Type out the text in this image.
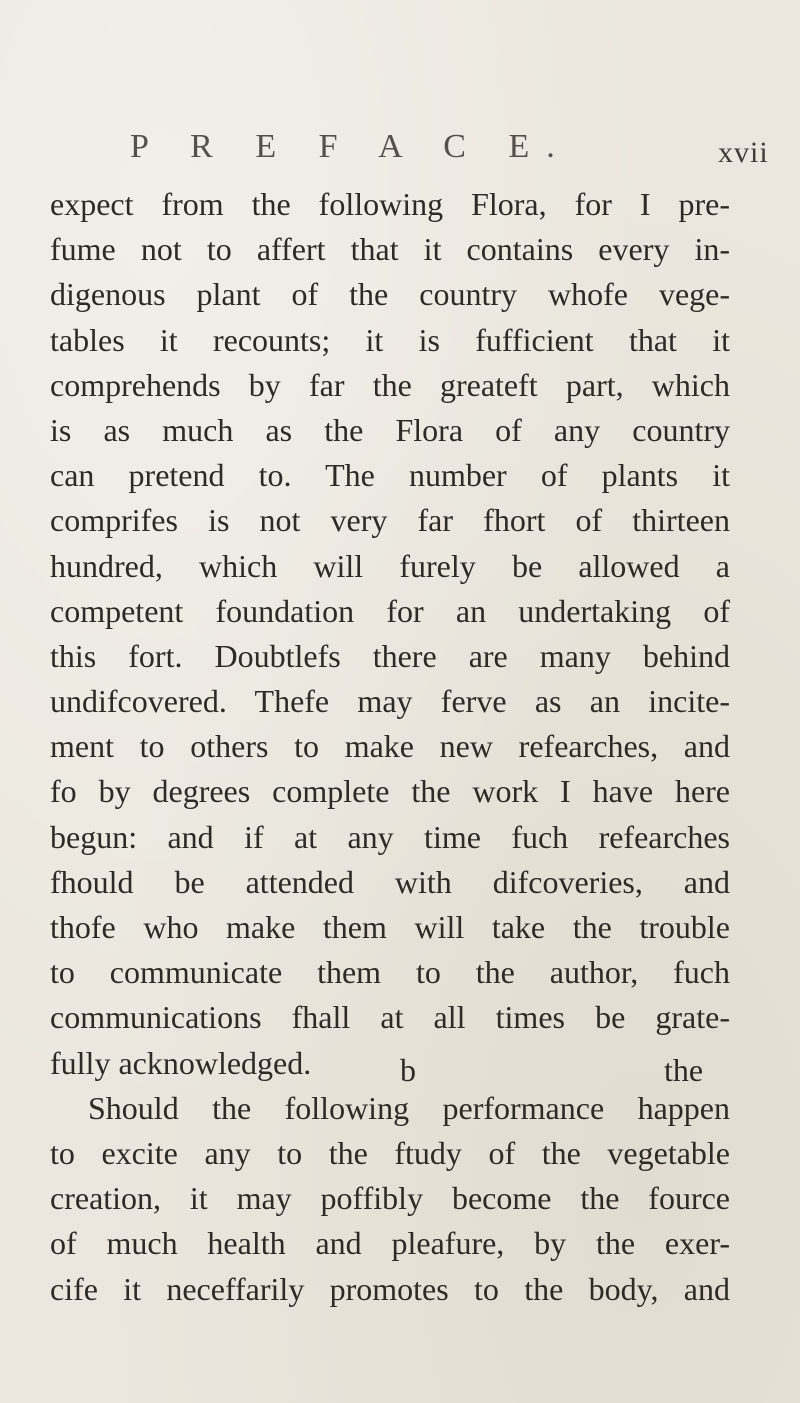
P R E F A C E.	xvii
expect from the following Flora, for I pre-
fume not to affert that it contains every in-
digenous plant of the country whofe vege-
tables it recounts; it is fufficient that it
comprehends by far the greateft part, which
is as much as the Flora of any country
can pretend to. The number of plants it
comprifes is not very far fhort of thirteen
hundred, which will furely be allowed a
competent foundation for an undertaking of
this fort. Doubtlefs there are many behind
undifcovered. Thefe may ferve as an incite-
ment to others to make new refearches, and
fo by degrees complete the work I have here
begun: and if at any time fuch refearches
fhould be attended with difcoveries, and
thofe who make them will take the trouble
to communicate them to the author, fuch
communications fhall at all times be grate-
fully acknowledged.
Should the following performance happen
to excite any to the ftudy of the vegetable
creation, it may poffibly become the fource
of much health and pleafure, by the exer-
cife it neceffarily promotes to the body, and
b	the
